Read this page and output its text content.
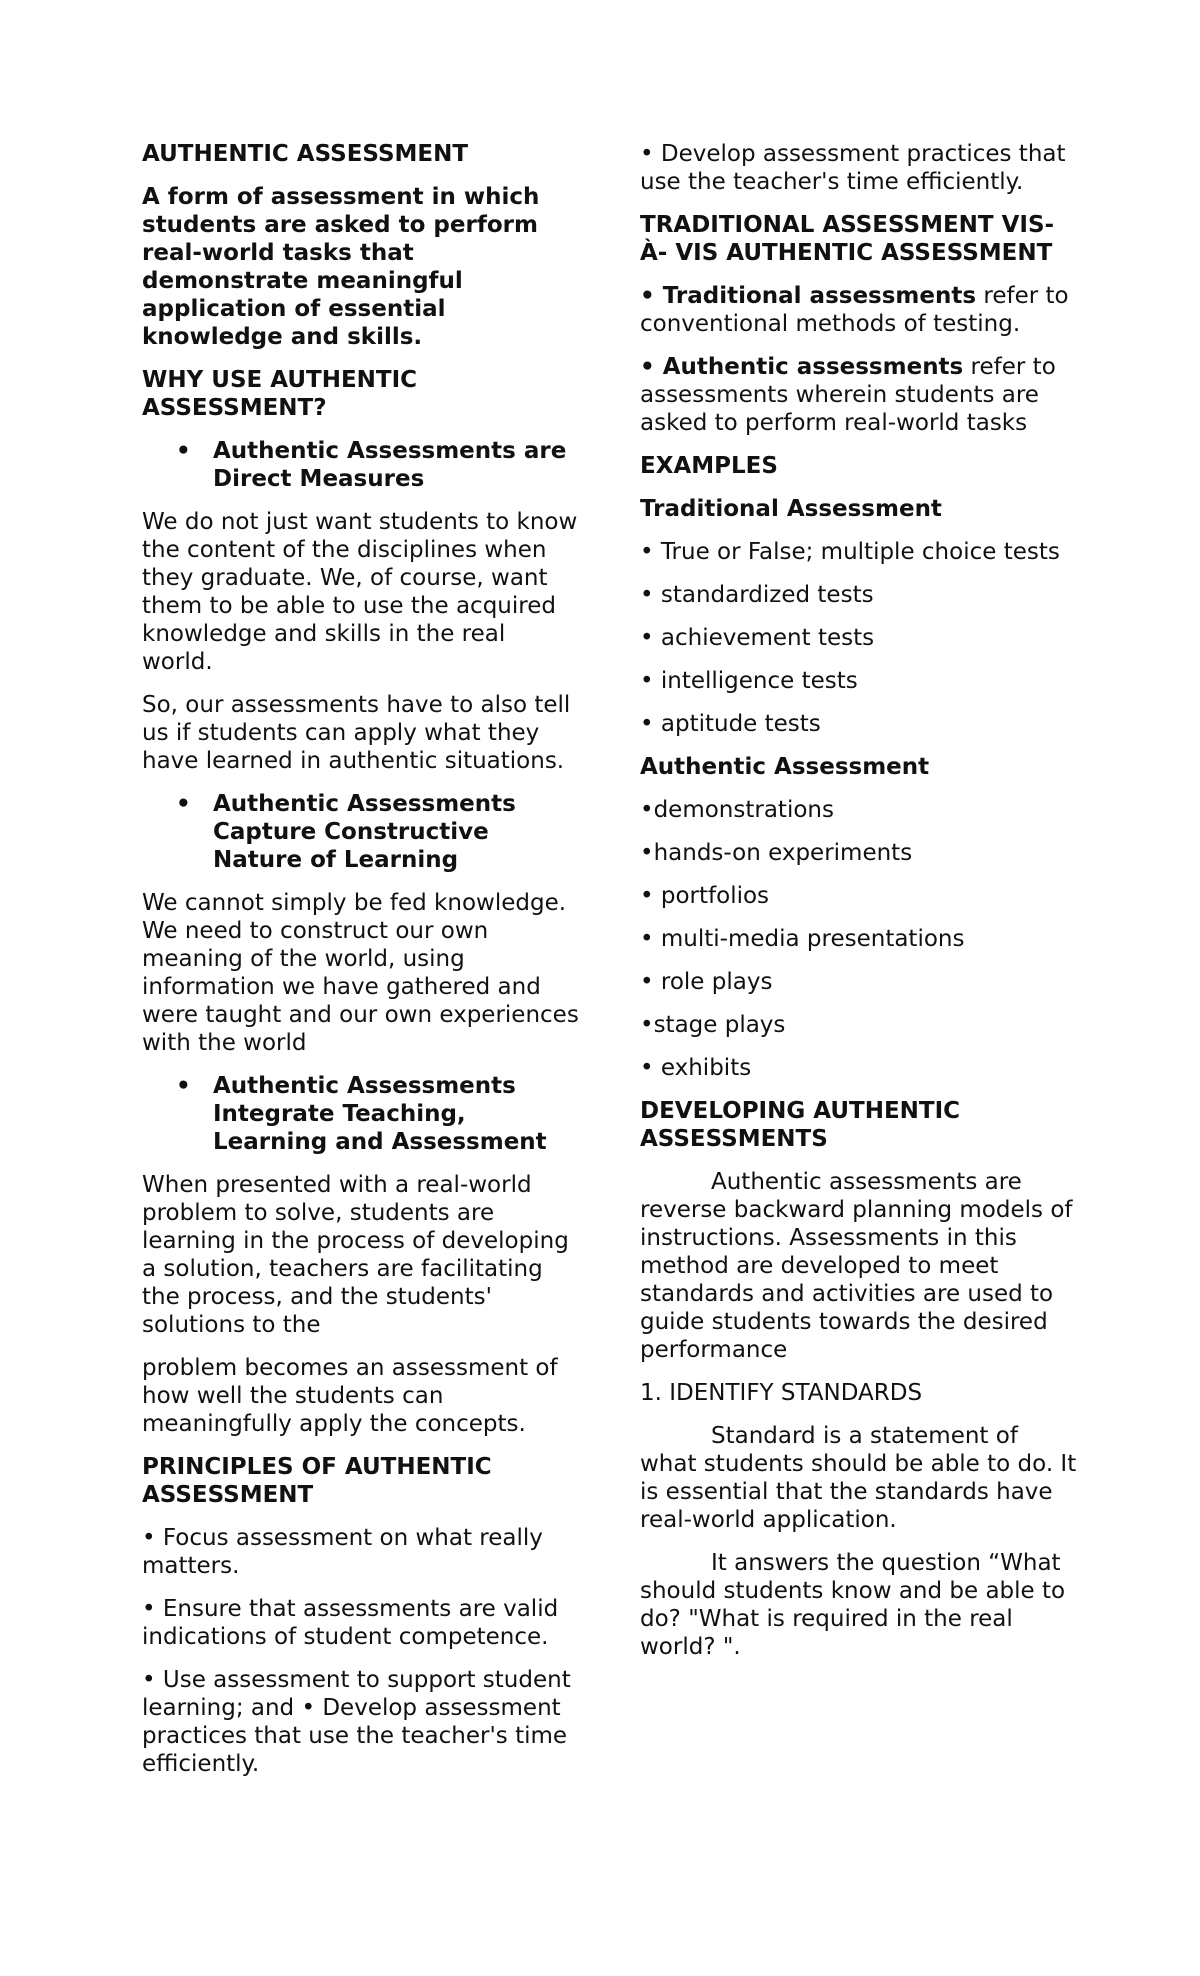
AUTHENTIC ASSESSMENT

A form of assessment in which students are asked to perform real-world tasks that demonstrate meaningful application of essential knowledge and skills.

WHY USE AUTHENTIC ASSESSMENT?

• Authentic Assessments are Direct Measures

We do not just want students to know the content of the disciplines when they graduate. We, of course, want them to be able to use the acquired knowledge and skills in the real world.

So, our assessments have to also tell us if students can apply what they have learned in authentic situations.

• Authentic Assessments Capture Constructive Nature of Learning

We cannot simply be fed knowledge. We need to construct our own meaning of the world, using information we have gathered and were taught and our own experiences with the world

• Authentic Assessments Integrate Teaching, Learning and Assessment

When presented with a real-world problem to solve, students are learning in the process of developing a solution, teachers are facilitating the process, and the students' solutions to the

problem becomes an assessment of how well the students can meaningfully apply the concepts.

PRINCIPLES OF AUTHENTIC ASSESSMENT

• Focus assessment on what really matters.

• Ensure that assessments are valid indications of student competence.

• Use assessment to support student learning; and • Develop assessment practices that use the teacher's time efficiently.

• Develop assessment practices that use the teacher's time efficiently.

TRADITIONAL ASSESSMENT VIS-À- VIS AUTHENTIC ASSESSMENT

• Traditional assessments refer to conventional methods of testing.

• Authentic assessments refer to assessments wherein students are asked to perform real-world tasks

EXAMPLES

Traditional Assessment

• True or False; multiple choice tests

• standardized tests

• achievement tests

• intelligence tests

• aptitude tests

Authentic Assessment

•demonstrations

•hands-on experiments

• portfolios

• multi-media presentations

• role plays

•stage plays

• exhibits

DEVELOPING AUTHENTIC ASSESSMENTS

Authentic assessments are reverse backward planning models of instructions. Assessments in this method are developed to meet standards and activities are used to guide students towards the desired performance

1. IDENTIFY STANDARDS

Standard is a statement of what students should be able to do. It is essential that the standards have real-world application.

It answers the question “What should students know and be able to do? "What is required in the real world? ".
